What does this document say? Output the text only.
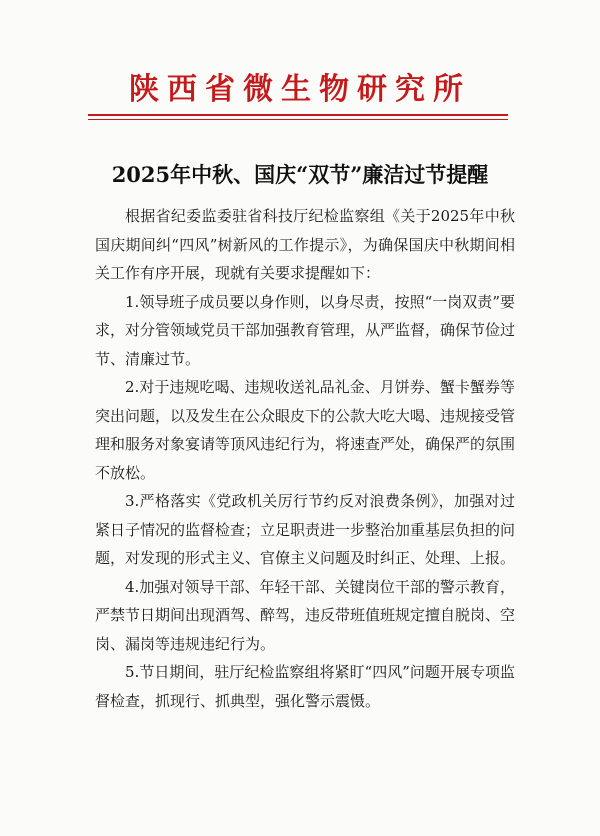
陕西省微生物研究所
2025年中秋、国庆“双节”廉洁过节提醒

根据省纪委监委驻省科技厅纪检监察组《关于2025年中秋国庆期间纠“四风”树新风的工作提示》，为确保国庆中秋期间相关工作有序开展，现就有关要求提醒如下：

1.领导班子成员要以身作则，以身尽责，按照“一岗双责”要求，对分管领域党员干部加强教育管理，从严监督，确保节俭过节、清廉过节。

2.对于违规吃喝、违规收送礼品礼金、月饼券、蟹卡蟹券等突出问题，以及发生在公众眼皮下的公款大吃大喝、违规接受管理和服务对象宴请等顶风违纪行为，将速查严处，确保严的氛围不放松。

3.严格落实《党政机关厉行节约反对浪费条例》，加强对过紧日子情况的监督检查；立足职责进一步整治加重基层负担的问题，对发现的形式主义、官僚主义问题及时纠正、处理、上报。

4.加强对领导干部、年轻干部、关键岗位干部的警示教育，严禁节日期间出现酒驾、醉驾，违反带班值班规定擅自脱岗、空岗、漏岗等违规违纪行为。

5.节日期间，驻厅纪检监察组将紧盯“四风”问题开展专项监督检查，抓现行、抓典型，强化警示震慑。
